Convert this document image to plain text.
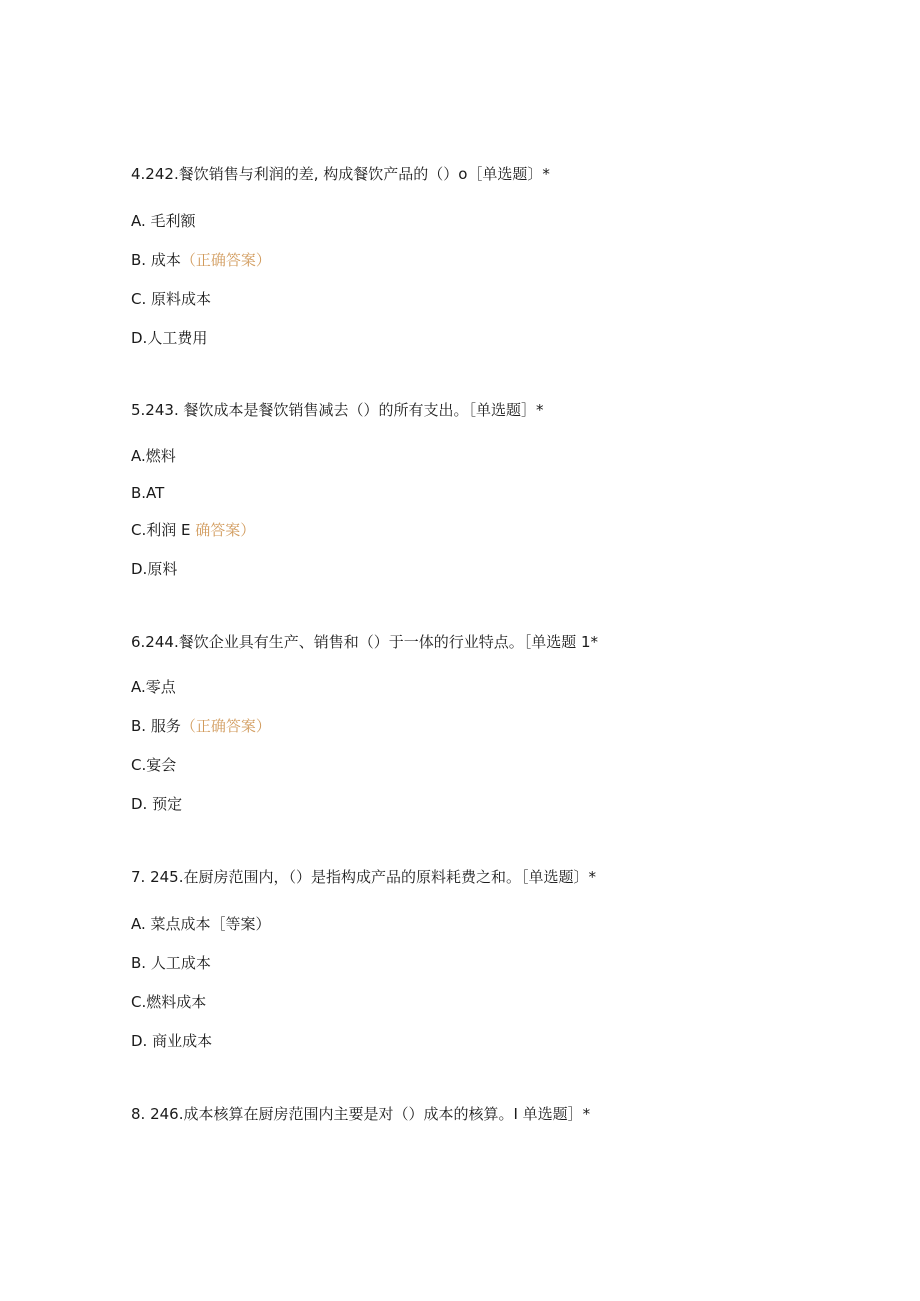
4.242.餐饮销售与利润的差, 构成餐饮产品的（）o［单选题〕*
A. 毛利额
B. 成本（正确答案）
C. 原料成本
D.人工费用
5.243. 餐饮成本是餐饮销售减去（）的所有支出。［单选题］*
A.燃料
B.AT
C.利润 E 确答案）
D.原料
6.244.餐饮企业具有生产、销售和（）于一体的行业特点。［单选题 1*
A.零点
B. 服务（正确答案）
C.宴会
D. 预定
7. 245.在厨房范围内，（）是指构成产品的原料耗费之和。［单选题〕*
A. 菜点成本［等案）
B. 人工成本
C.燃料成本
D. 商业成本
8. 246.成本核算在厨房范围内主要是对（）成本的核算。I 单选题］*
